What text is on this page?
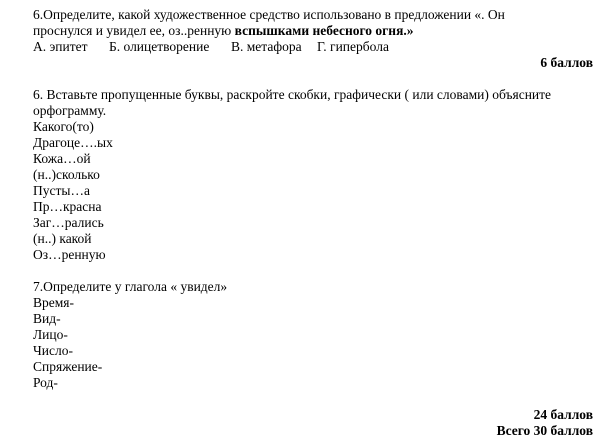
6.Определите, какой художественное средство использовано в предложении «. Он
проснулся и увидел ее, оз..ренную вспышками небесного огня.»
А. эпитет Б. олицетворение В. метафора Г. гипербола
6 баллов
6. Вставьте пропущенные буквы, раскройте скобки, графически ( или словами) объясните
орфограмму.
Какого(то)
Драгоце….ых
Кожа…ой
(н..)сколько
Пусты…а
Пр…красна
Заг…рались
(н..) какой
Оз…ренную
7.Определите у глагола « увидел»
Время-
Вид-
Лицо-
Число-
Спряжение-
Род-
24 баллов
Всего 30 баллов
